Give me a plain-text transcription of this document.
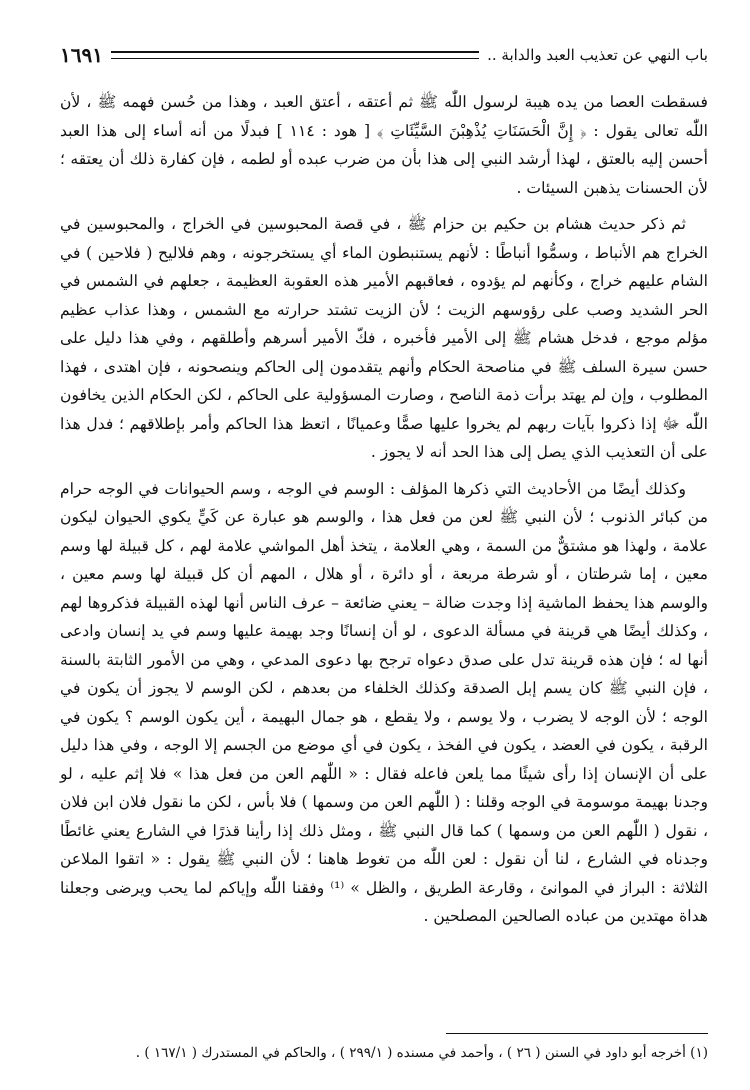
باب النهي عن تعذيب العبد والدابة ..
١٦٩١

فسقطت العصا من يده هيبة لرسول اللّٰه ﷺ ثم أعتقه ، أعتق العبد ، وهذا من حُسن فهمه ﷺ ، لأن اللّٰه تعالى يقول : ﴿ إِنَّ الْحَسَنَاتِ يُذْهِبْنَ السَّيِّئَاتِ ﴾ [ هود : ١١٤ ] فبدلًا من أنه أساء إلى هذا العبد أحسن إليه بالعتق ، لهذا أرشد النبي إلى هذا بأن من ضرب عبده أو لطمه ، فإن كفارة ذلك أن يعتقه ؛ لأن الحسنات يذهبن السيئات .

ثم ذكر حديث هشام بن حكيم بن حزام ﷺ ، في قصة المحبوسين في الخراج ، والمحبوسين في الخراج هم الأنباط ، وسمُّوا أنباطًا : لأنهم يستنبطون الماء أي يستخرجونه ، وهم فلاليح ( فلاحين ) في الشام عليهم خراج ، وكأنهم لم يؤدوه ، فعاقبهم الأمير هذه العقوبة العظيمة ، جعلهم في الشمس في الحر الشديد وصب على رؤوسهم الزيت ؛ لأن الزيت تشتد حرارته مع الشمس ، وهذا عذاب عظيم مؤلم موجع ، فدخل هشام ﷺ إلى الأمير فأخبره ، فكّ الأمير أسرهم وأطلقهم ، وفي هذا دليل على حسن سيرة السلف ﷺ في مناصحة الحكام وأنهم يتقدمون إلى الحاكم وينصحونه ، فإن اهتدى ، فهذا المطلوب ، وإن لم يهتد برأت ذمة الناصح ، وصارت المسؤولية على الحاكم ، لكن الحكام الذين يخافون اللّٰه ﷻ إذا ذكروا بآيات ربهم لم يخروا عليها صمًّا وعميانًا ، اتعظ هذا الحاكم وأمر بإطلاقهم ؛ فدل هذا على أن التعذيب الذي يصل إلى هذا الحد أنه لا يجوز .

وكذلك أيضًا من الأحاديث التي ذكرها المؤلف : الوسم في الوجه ، وسم الحيوانات في الوجه حرام من كبائر الذنوب ؛ لأن النبي ﷺ لعن من فعل هذا ، والوسم هو عبارة عن كَيٍّ يكوي الحيوان ليكون علامة ، ولهذا هو مشتقٌّ من السمة ، وهي العلامة ، يتخذ أهل المواشي علامة لهم ، كل قبيلة لها وسم معين ، إما شرطتان ، أو شرطة مربعة ، أو دائرة ، أو هلال ، المهم أن كل قبيلة لها وسم معين ، والوسم هذا يحفظ الماشية إذا وجدت ضالة – يعني ضائعة – عرف الناس أنها لهذه القبيلة فذكروها لهم ، وكذلك أيضًا هي قرينة في مسألة الدعوى ، لو أن إنسانًا وجد بهيمة عليها وسم في يد إنسان وادعى أنها له ؛ فإن هذه قرينة تدل على صدق دعواه ترجح بها دعوى المدعي ، وهي من الأمور الثابتة بالسنة ، فإن النبي ﷺ كان يسم إبل الصدقة وكذلك الخلفاء من بعدهم ، لكن الوسم لا يجوز أن يكون في الوجه ؛ لأن الوجه لا يضرب ، ولا يوسم ، ولا يقطع ، هو جمال البهيمة ، أين يكون الوسم ؟ يكون في الرقبة ، يكون في العضد ، يكون في الفخذ ، يكون في أي موضع من الجسم إلا الوجه ، وفي هذا دليل على أن الإنسان إذا رأى شيئًا مما يلعن فاعله فقال : « اللّٰهم العن من فعل هذا » فلا إثم عليه ، لو وجدنا بهيمة موسومة في الوجه وقلنا : ( اللّٰهم العن من وسمها ) فلا بأس ، لكن ما نقول فلان ابن فلان ، نقول ( اللّٰهم العن من وسمها ) كما قال النبي ﷺ ، ومثل ذلك إذا رأينا قذرًا في الشارع يعني غائطًا وجدناه في الشارع ، لنا أن نقول : لعن اللّٰه من تغوط هاهنا ؛ لأن النبي ﷺ يقول : « اتقوا الملاعن الثلاثة : البراز في الموانئ ، وقارعة الطريق ، والظل » ⁽¹⁾ وفقنا اللّٰه وإياكم لما يحب ويرضى وجعلنا هداة مهتدين من عباده الصالحين المصلحين .

(١) أخرجه أبو داود في السنن ( ٢٦ ) ، وأحمد في مسنده ( ٢٩٩/١ ) ، والحاكم في المستدرك ( ١٦٧/١ ) .
